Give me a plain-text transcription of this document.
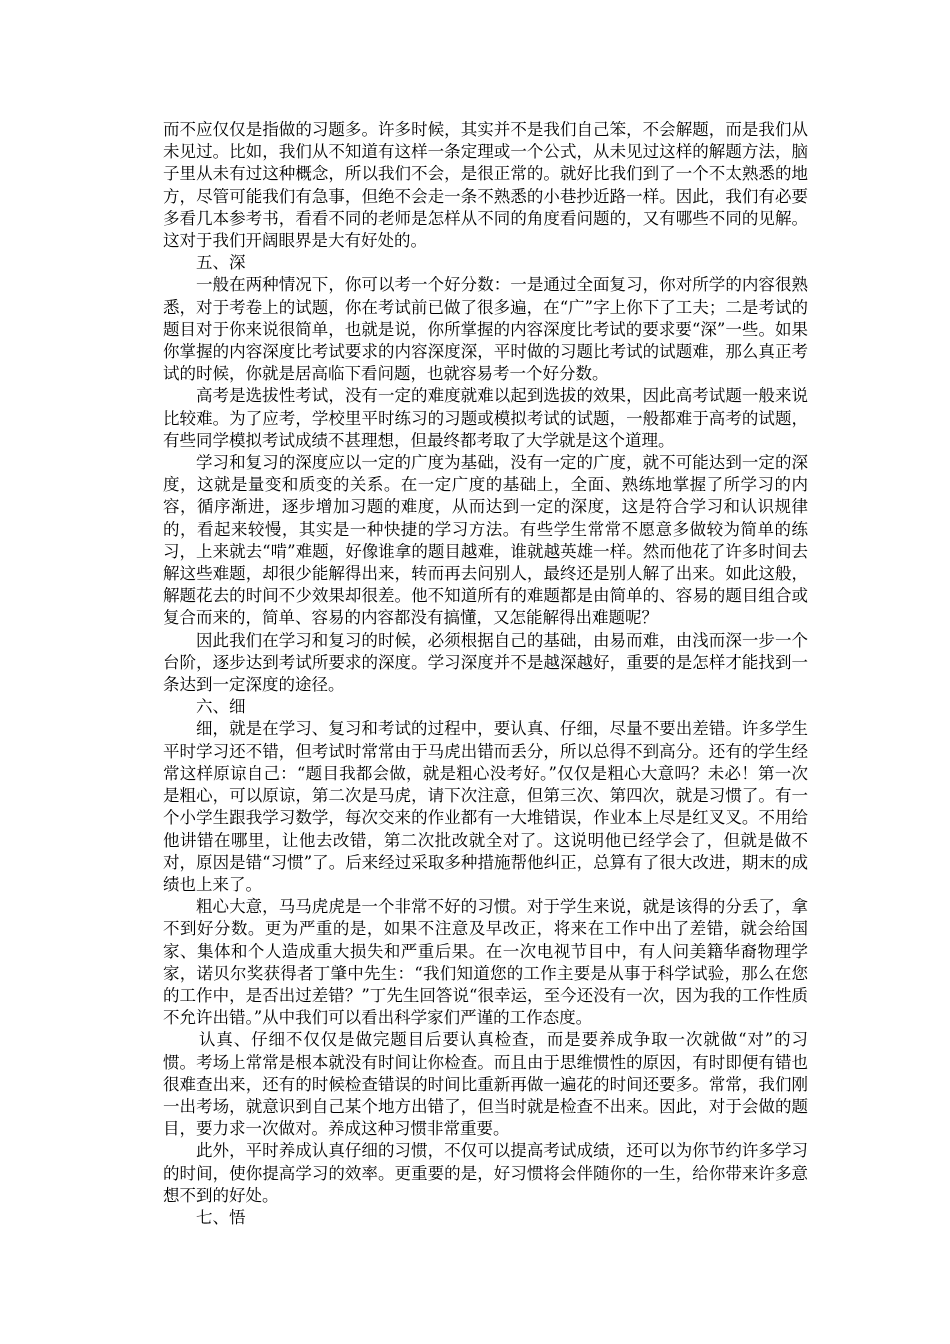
而不应仅仅是指做的习题多。许多时候，其实并不是我们自己笨，不会解题，而是我们从未见过。比如，我们从不知道有这样一条定理或一个公式，从未见过这样的解题方法，脑子里从未有过这种概念，所以我们不会，是很正常的。就好比我们到了一个不太熟悉的地方，尽管可能我们有急事，但绝不会走一条不熟悉的小巷抄近路一样。因此，我们有必要多看几本参考书，看看不同的老师是怎样从不同的角度看问题的，又有哪些不同的见解。这对于我们开阔眼界是大有好处的。

五、深

一般在两种情况下，你可以考一个好分数：一是通过全面复习，你对所学的内容很熟悉，对于考卷上的试题，你在考试前已做了很多遍，在“广”字上你下了工夫；二是考试的题目对于你来说很简单，也就是说，你所掌握的内容深度比考试的要求要“深”一些。如果你掌握的内容深度比考试要求的内容深度深，平时做的习题比考试的试题难，那么真正考试的时候，你就是居高临下看问题，也就容易考一个好分数。

高考是选拔性考试，没有一定的难度就难以起到选拔的效果，因此高考试题一般来说比较难。为了应考，学校里平时练习的习题或模拟考试的试题，一般都难于高考的试题，有些同学模拟考试成绩不甚理想，但最终都考取了大学就是这个道理。

学习和复习的深度应以一定的广度为基础，没有一定的广度，就不可能达到一定的深度，这就是量变和质变的关系。在一定广度的基础上，全面、熟练地掌握了所学习的内容，循序渐进，逐步增加习题的难度，从而达到一定的深度，这是符合学习和认识规律的，看起来较慢，其实是一种快捷的学习方法。有些学生常常不愿意多做较为简单的练习，上来就去“啃”难题，好像谁拿的题目越难，谁就越英雄一样。然而他花了许多时间去解这些难题，却很少能解得出来，转而再去问别人，最终还是别人解了出来。如此这般，解题花去的时间不少效果却很差。他不知道所有的难题都是由简单的、容易的题目组合或复合而来的，简单、容易的内容都没有搞懂，又怎能解得出难题呢？

因此我们在学习和复习的时候，必须根据自己的基础，由易而难，由浅而深一步一个台阶，逐步达到考试所要求的深度。学习深度并不是越深越好，重要的是怎样才能找到一条达到一定深度的途径。

六、细

细，就是在学习、复习和考试的过程中，要认真、仔细，尽量不要出差错。许多学生平时学习还不错，但考试时常常由于马虎出错而丢分，所以总得不到高分。还有的学生经常这样原谅自己：“题目我都会做，就是粗心没考好。”仅仅是粗心大意吗？未必！第一次是粗心，可以原谅，第二次是马虎，请下次注意，但第三次、第四次，就是习惯了。有一个小学生跟我学习数学，每次交来的作业都有一大堆错误，作业本上尽是红叉叉。不用给他讲错在哪里，让他去改错，第二次批改就全对了。这说明他已经学会了，但就是做不对，原因是错“习惯”了。后来经过采取多种措施帮他纠正，总算有了很大改进，期末的成绩也上来了。

粗心大意，马马虎虎是一个非常不好的习惯。对于学生来说，就是该得的分丢了，拿不到好分数。更为严重的是，如果不注意及早改正，将来在工作中出了差错，就会给国家、集体和个人造成重大损失和严重后果。在一次电视节目中，有人问美籍华裔物理学家，诺贝尔奖获得者丁肇中先生：“我们知道您的工作主要是从事于科学试验，那么在您的工作中，是否出过差错？”丁先生回答说“很幸运，至今还没有一次，因为我的工作性质不允许出错。”从中我们可以看出科学家们严谨的工作态度。

认真、仔细不仅仅是做完题目后要认真检查，而是要养成争取一次就做“对”的习惯。考场上常常是根本就没有时间让你检查。而且由于思维惯性的原因，有时即便有错也很难查出来，还有的时候检查错误的时间比重新再做一遍花的时间还要多。常常，我们刚一出考场，就意识到自己某个地方出错了，但当时就是检查不出来。因此，对于会做的题目，要力求一次做对。养成这种习惯非常重要。

此外，平时养成认真仔细的习惯，不仅可以提高考试成绩，还可以为你节约许多学习的时间，使你提高学习的效率。更重要的是，好习惯将会伴随你的一生，给你带来许多意想不到的好处。

七、悟
